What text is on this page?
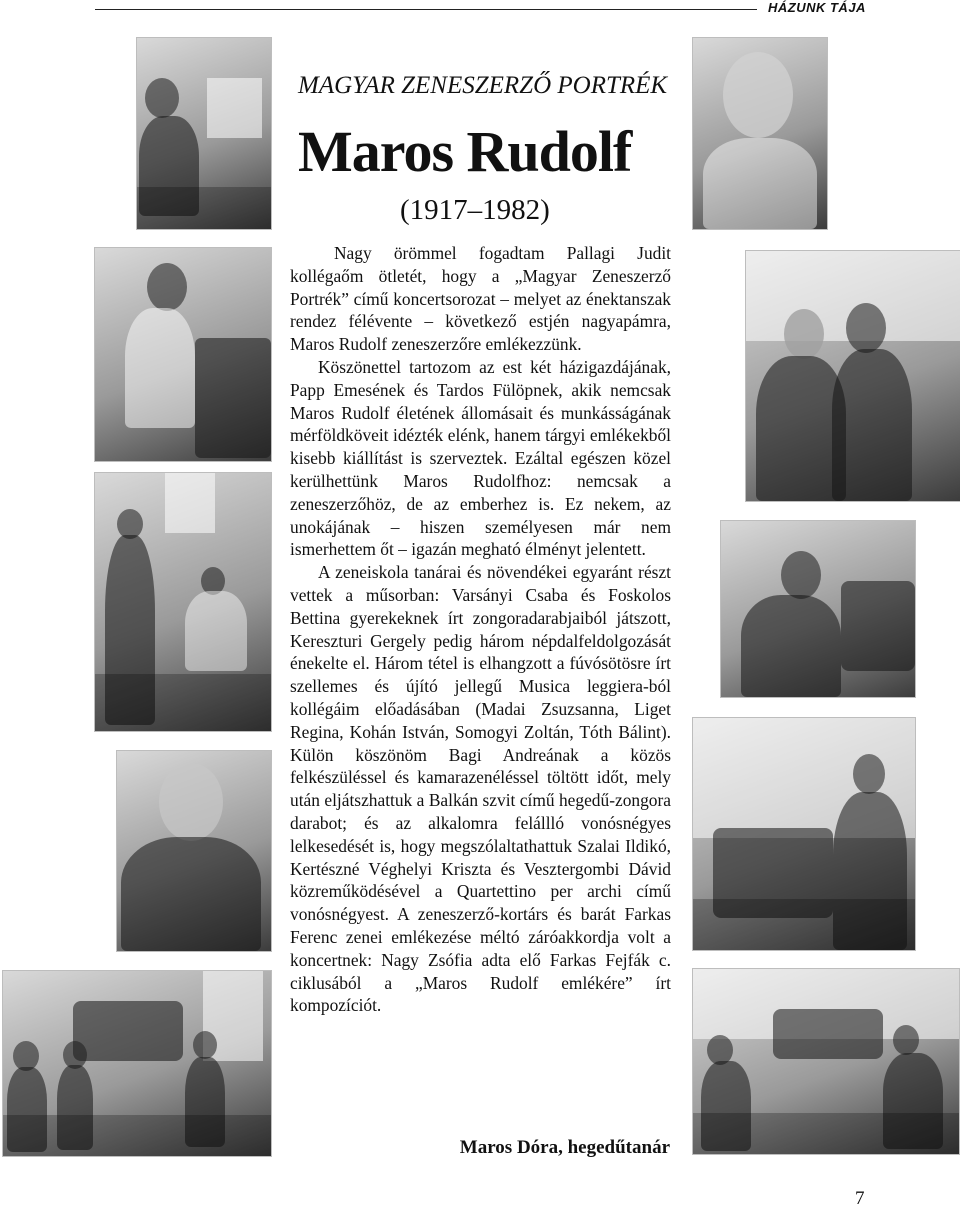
HÁZUNK TÁJA
MAGYAR ZENESZERZŐ PORTRÉK
Maros Rudolf
(1917–1982)

Nagy örömmel fogadtam Pallagi Judit kollégaőm ötletét, hogy a „Magyar Zeneszerző Portrék” című koncertsorozat – melyet az énektanszak rendez félévente – következő estjén nagyapámra, Maros Rudolf zeneszerzőre emlékezzünk.

Köszönettel tartozom az est két házigazdájának, Papp Emesének és Tardos Fülöpnek, akik nemcsak Maros Rudolf életének állomásait és munkásságának mérföldköveit idézték elénk, hanem tárgyi emlékekből kisebb kiállítást is szerveztek. Ezáltal egészen közel kerülhettünk Maros Rudolfhoz: nemcsak a zeneszerzőhöz, de az emberhez is. Ez nekem, az unokájának – hiszen személyesen már nem ismerhettem őt – igazán megható élményt jelentett.

A zeneiskola tanárai és növendékei egyaránt részt vettek a műsorban: Varsányi Csaba és Foskolos Bettina gyerekeknek írt zongoradarabjaiból játszott, Kereszturi Gergely pedig három népdalfeldolgozását énekelte el. Három tétel is elhangzott a fúvósötösre írt szellemes és újító jellegű Musica leggiera-ból kollégáim előadásában (Madai Zsuzsanna, Liget Regina, Kohán István, Somogyi Zoltán, Tóth Bálint). Külön köszönöm Bagi Andreának a közös felkészüléssel és kamarazenéléssel töltött időt, mely után eljátszhattuk a Balkán szvit című hegedű-zongora darabot; és az alkalomra felállló vonósnégyes lelkesedését is, hogy megszólaltathattuk Szalai Ildikó, Kertészné Véghelyi Kriszta és Vesztergombi Dávid közreműködésével a Quartettino per archi című vonósnégyest. A zeneszerző-kortárs és barát Farkas Ferenc zenei emlékezése méltó záróakkordja volt a koncertnek: Nagy Zsófia adta elő Farkas Fejfák c. ciklusából a „Maros Rudolf emlékére” írt kompozíciót.

Maros Dóra, hegedűtanár
7
